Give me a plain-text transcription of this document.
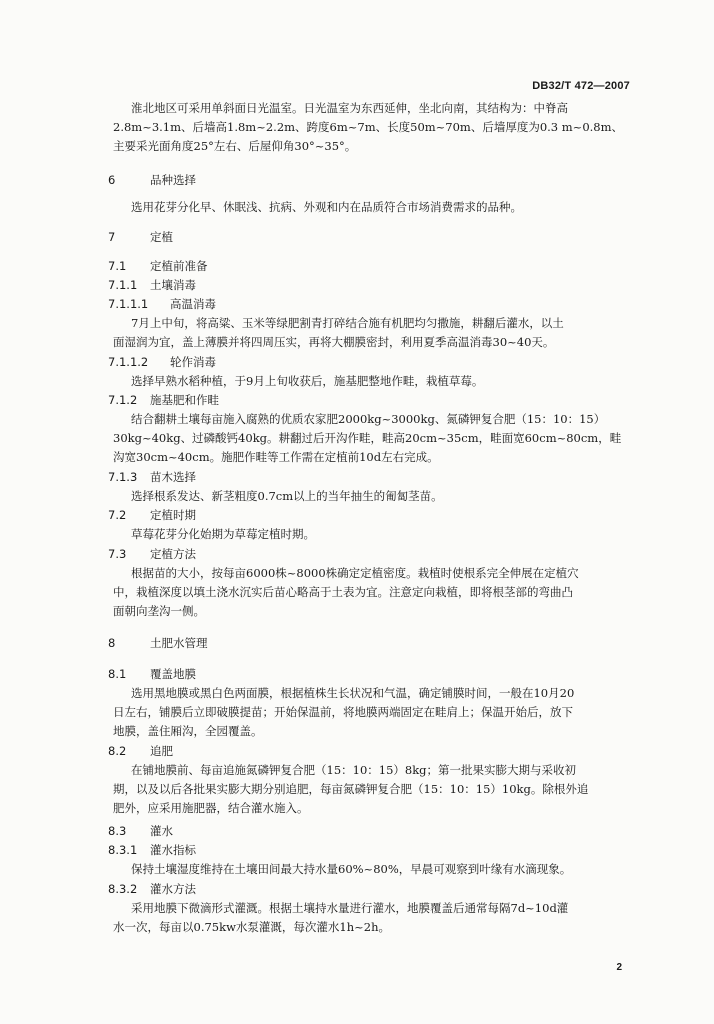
DB32/T 472—2007
淮北地区可采用单斜面日光温室。日光温室为东西延伸，坐北向南，其结构为：中脊高
2.8m~3.1m、后墙高1.8m~2.2m、跨度6m~7m、长度50m~70m、后墙厚度为0.3 m~0.8m、
主要采光面角度25°左右、后屋仰角30°~35°。
6	品种选择
选用花芽分化早、休眠浅、抗病、外观和内在品质符合市场消费需求的品种。
7	定植
7.1 定植前准备
7.1.1 土壤消毒
7.1.1.1 高温消毒
7月上中旬，将高粱、玉米等绿肥割青打碎结合施有机肥均匀撒施，耕翻后灌水，以土
面湿润为宜，盖上薄膜并将四周压实，再将大棚膜密封，利用夏季高温消毒30~40天。
7.1.1.2 轮作消毒
选择早熟水稻种植，于9月上旬收获后，施基肥整地作畦，栽植草莓。
7.1.2 施基肥和作畦
结合翻耕土壤每亩施入腐熟的优质农家肥2000kg~3000kg、氮磷钾复合肥（15：10：15）
30kg~40kg、过磷酸钙40kg。耕翻过后开沟作畦，畦高20cm~35cm，畦面宽60cm~80cm，畦
沟宽30cm~40cm。施肥作畦等工作需在定植前10d左右完成。
7.1.3 苗木选择
选择根系发达、新茎粗度0.7cm以上的当年抽生的匍匐茎苗。
7.2 定植时期
草莓花芽分化始期为草莓定植时期。
7.3 定植方法
根据苗的大小，按每亩6000株~8000株确定定植密度。栽植时使根系完全伸展在定植穴
中，栽植深度以填土浇水沉实后苗心略高于土表为宜。注意定向栽植，即将根茎部的弯曲凸
面朝向垄沟一侧。
8	土肥水管理
8.1 覆盖地膜
选用黑地膜或黑白色两面膜，根据植株生长状况和气温，确定铺膜时间，一般在10月20
日左右，铺膜后立即破膜提苗；开始保温前，将地膜两端固定在畦肩上；保温开始后，放下
地膜，盖住厢沟，全园覆盖。
8.2 追肥
在铺地膜前、每亩追施氮磷钾复合肥（15：10：15）8kg；第一批果实膨大期与采收初
期，以及以后各批果实膨大期分别追肥，每亩氮磷钾复合肥（15：10：15）10kg。除根外追
肥外，应采用施肥器，结合灌水施入。
8.3 灌水
8.3.1 灌水指标
保持土壤湿度维持在土壤田间最大持水量60%~80%，早晨可观察到叶缘有水滴现象。
8.3.2 灌水方法
采用地膜下微滴形式灌溉。根据土壤持水量进行灌水，地膜覆盖后通常每隔7d~10d灌
水一次，每亩以0.75kw水泵灌溉，每次灌水1h~2h。
2
